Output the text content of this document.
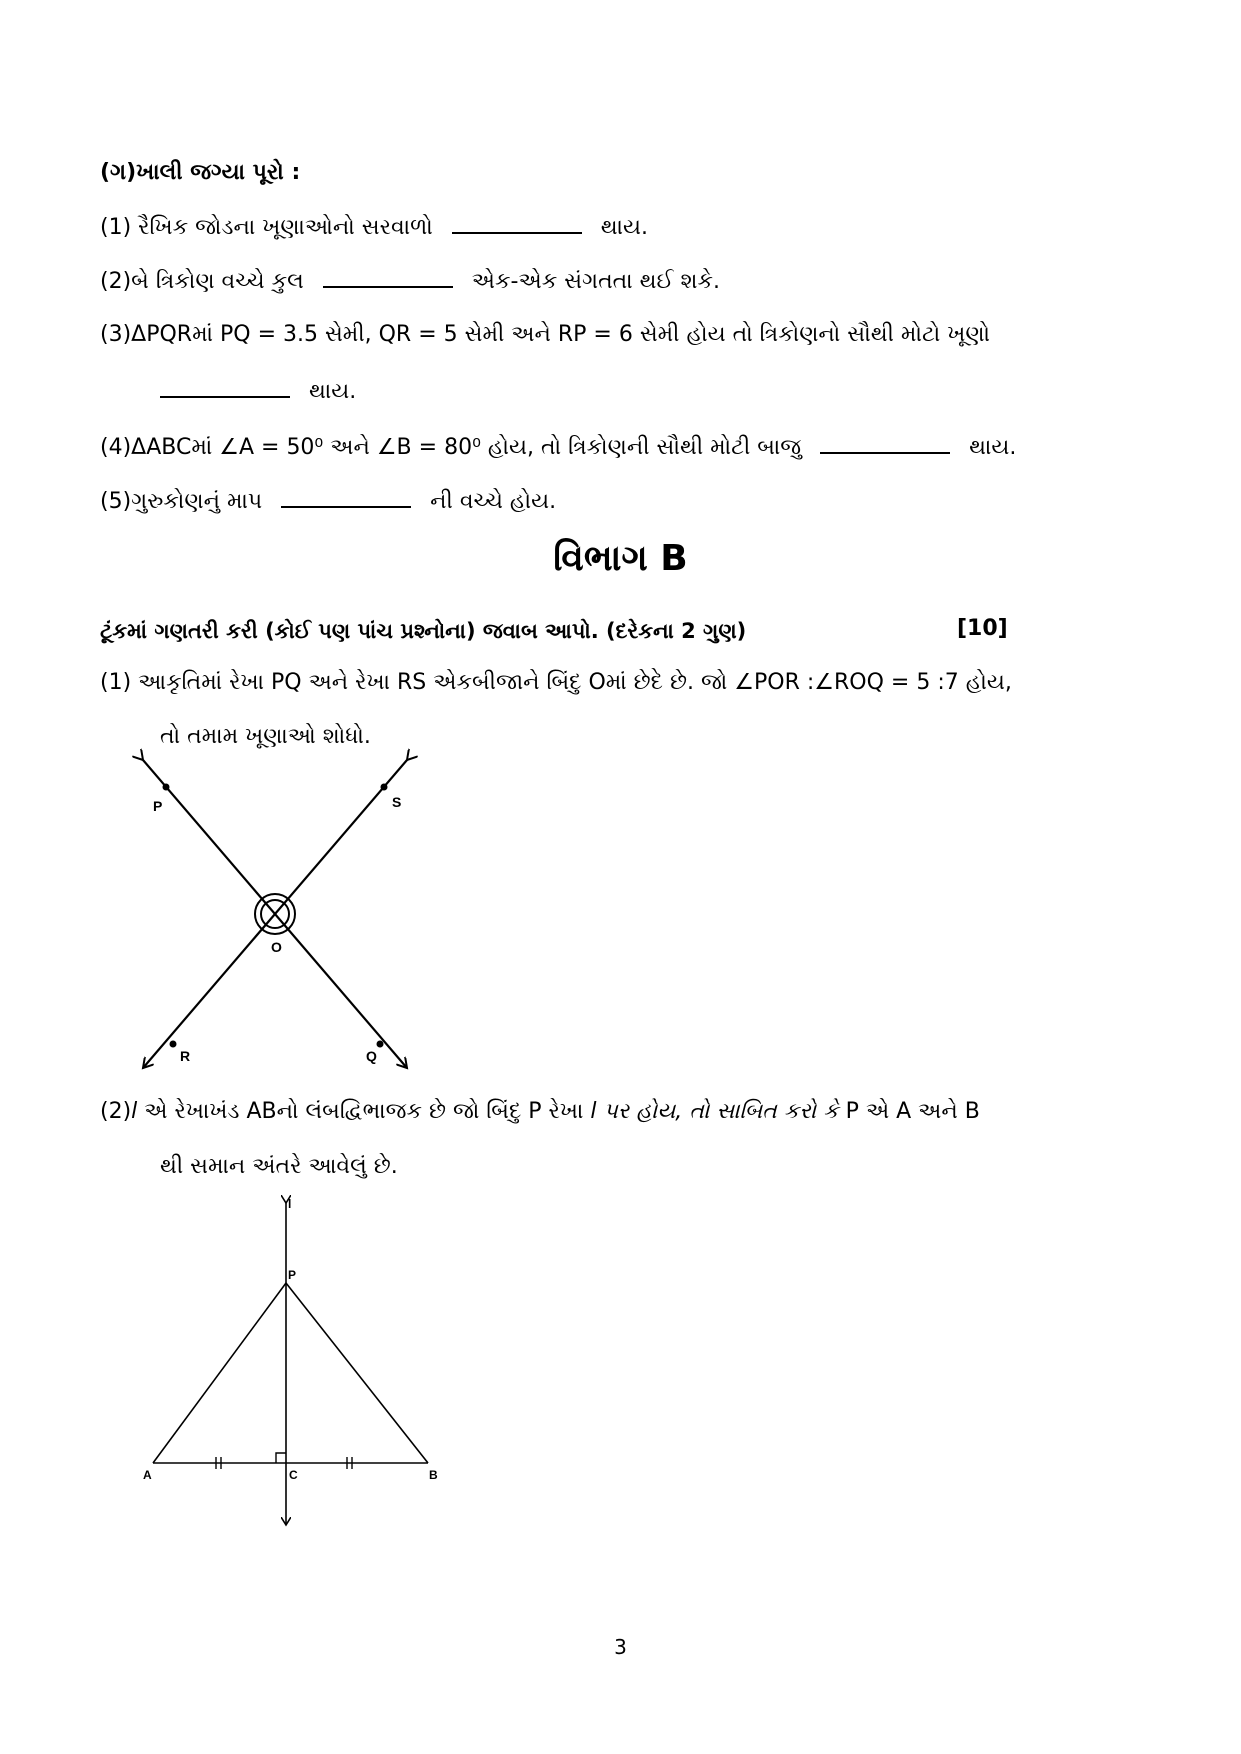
(ગ)ખાલી જગ્યા પૂરો :
(1) રૈખિક જોડના ખૂણાઓનો સરવાળો	થાય.
(2)બે ત્રિકોણ વચ્ચે કુલ	એક-એક સંગતતા થઈ શકે.
(3)ΔPQRમાં PQ = 3.5 સેમી, QR = 5 સેમી અને RP = 6 સેમી હોય તો ત્રિકોણનો સૌથી મોટો ખૂણો
થાય.
(4)ΔABCમાં ∠A = 50⁰ અને ∠B = 80⁰ હોય, તો ત્રિકોણની સૌથી મોટી બાજુ	થાય.
(5)ગુરુકોણનું માપ	ની વચ્ચે હોય.
વિભાગ B
ટૂંકમાં ગણતરી કરી (કોઈ પણ પાંચ પ્રશ્નોના) જવાબ આપો. (દરેકના 2 ગુણ)	[10]
(1) આકૃતિમાં રેખા PQ અને રેખા RS એકબીજાને બિંદુ Oમાં છેદે છે. જો ∠POR :∠ROQ = 5 :7 હોય,
તો તમામ ખૂણાઓ શોધો.
P	S
O
R	Q
(2)l એ રેખાખંડ ABનો લંબદ્વિભાજક છે જો બિંદુ P રેખા l પર હોય, તો સાબિત કરો કે P એ A અને B
થી સમાન અંતરે આવેલું છે.
l
P
A	C	B
3
